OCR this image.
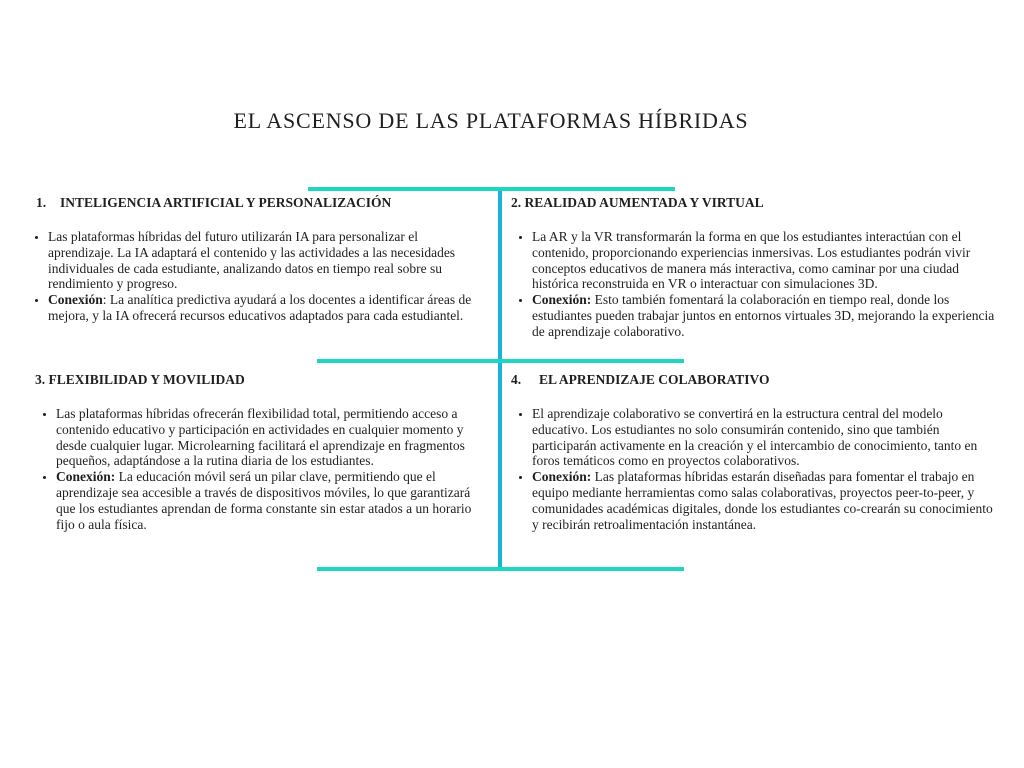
EL ASCENSO DE LAS PLATAFORMAS HÍBRIDAS
1. INTELIGENCIA ARTIFICIAL Y PERSONALIZACIÓN
• Las plataformas híbridas del futuro utilizarán IA para personalizar el aprendizaje. La IA adaptará el contenido y las actividades a las necesidades individuales de cada estudiante, analizando datos en tiempo real sobre su rendimiento y progreso.
• Conexión: La analítica predictiva ayudará a los docentes a identificar áreas de mejora, y la IA ofrecerá recursos educativos adaptados para cada estudiantel.
2. REALIDAD AUMENTADA Y VIRTUAL
• La AR y la VR transformarán la forma en que los estudiantes interactúan con el contenido, proporcionando experiencias inmersivas. Los estudiantes podrán vivir conceptos educativos de manera más interactiva, como caminar por una ciudad histórica reconstruida en VR o interactuar con simulaciones 3D.
• Conexión: Esto también fomentará la colaboración en tiempo real, donde los estudiantes pueden trabajar juntos en entornos virtuales 3D, mejorando la experiencia de aprendizaje colaborativo.
3. FLEXIBILIDAD Y MOVILIDAD
• Las plataformas híbridas ofrecerán flexibilidad total, permitiendo acceso a contenido educativo y participación en actividades en cualquier momento y desde cualquier lugar. Microlearning facilitará el aprendizaje en fragmentos pequeños, adaptándose a la rutina diaria de los estudiantes.
• Conexión: La educación móvil será un pilar clave, permitiendo que el aprendizaje sea accesible a través de dispositivos móviles, lo que garantizará que los estudiantes aprendan de forma constante sin estar atados a un horario fijo o aula física.
4. EL APRENDIZAJE COLABORATIVO
• El aprendizaje colaborativo se convertirá en la estructura central del modelo educativo. Los estudiantes no solo consumirán contenido, sino que también participarán activamente en la creación y el intercambio de conocimiento, tanto en foros temáticos como en proyectos colaborativos.
• Conexión: Las plataformas híbridas estarán diseñadas para fomentar el trabajo en equipo mediante herramientas como salas colaborativas, proyectos peer-to-peer, y comunidades académicas digitales, donde los estudiantes co-crearán su conocimiento y recibirán retroalimentación instantánea.
